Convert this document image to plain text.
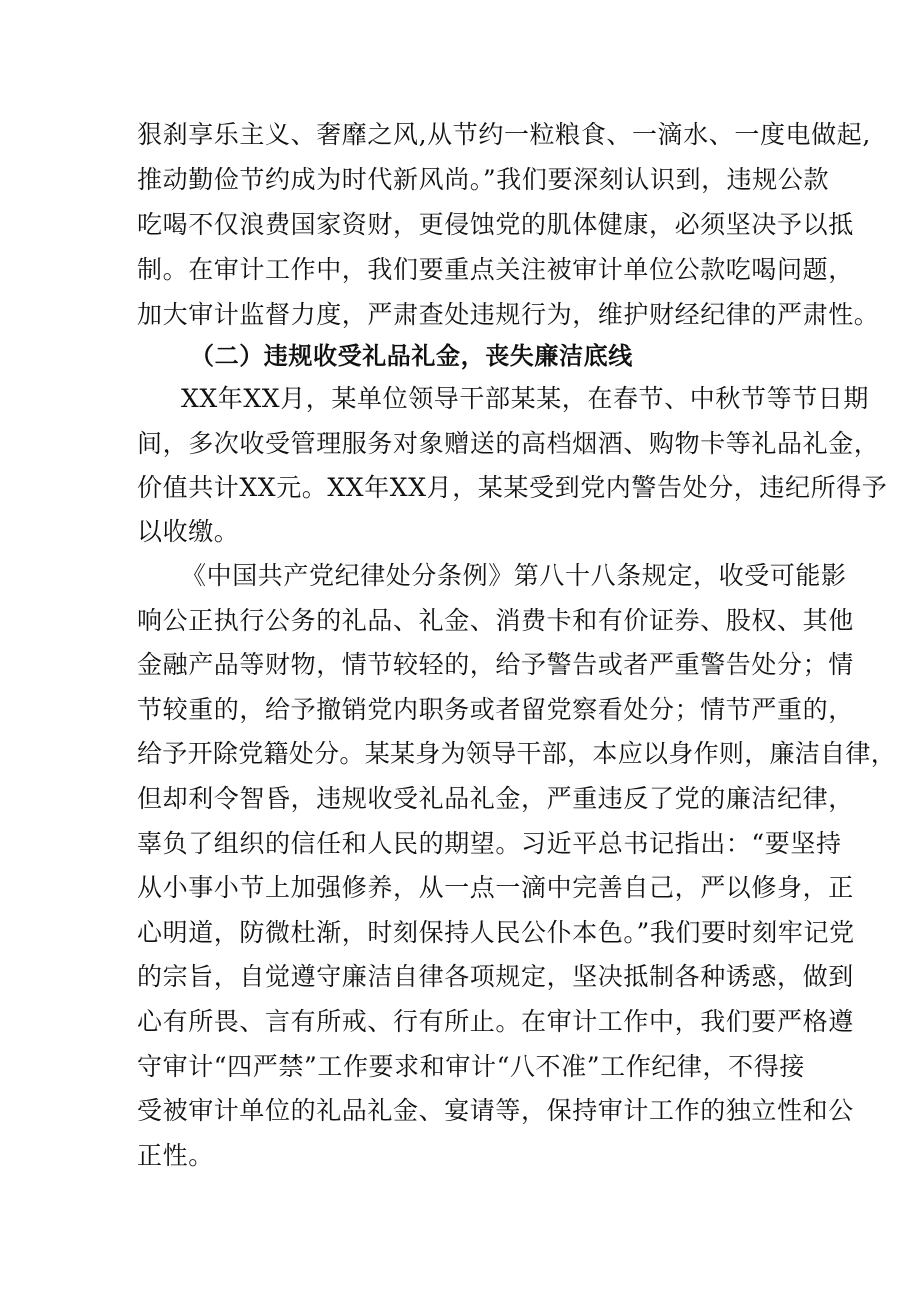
狠刹享乐主义、奢靡之风,从节约一粒粮食、一滴水、一度电做起,
推动勤俭节约成为时代新风尚。”我们要深刻认识到，违规公款
吃喝不仅浪费国家资财，更侵蚀党的肌体健康，必须坚决予以抵
制。在审计工作中，我们要重点关注被审计单位公款吃喝问题，
加大审计监督力度，严肃查处违规行为，维护财经纪律的严肃性。
（二）违规收受礼品礼金，丧失廉洁底线
XX年XX月，某单位领导干部某某，在春节、中秋节等节日期
间，多次收受管理服务对象赠送的高档烟酒、购物卡等礼品礼金，
价值共计XX元。XX年XX月，某某受到党内警告处分，违纪所得予
以收缴。
《中国共产党纪律处分条例》第八十八条规定，收受可能影
响公正执行公务的礼品、礼金、消费卡和有价证券、股权、其他
金融产品等财物，情节较轻的，给予警告或者严重警告处分；情
节较重的，给予撤销党内职务或者留党察看处分；情节严重的，
给予开除党籍处分。某某身为领导干部，本应以身作则，廉洁自律，
但却利令智昏，违规收受礼品礼金，严重违反了党的廉洁纪律，
辜负了组织的信任和人民的期望。习近平总书记指出：“要坚持
从小事小节上加强修养，从一点一滴中完善自己，严以修身，正
心明道，防微杜渐，时刻保持人民公仆本色。”我们要时刻牢记党
的宗旨，自觉遵守廉洁自律各项规定，坚决抵制各种诱惑，做到
心有所畏、言有所戒、行有所止。在审计工作中，我们要严格遵
守审计“四严禁”工作要求和审计“八不准”工作纪律，不得接
受被审计单位的礼品礼金、宴请等，保持审计工作的独立性和公
正性。
